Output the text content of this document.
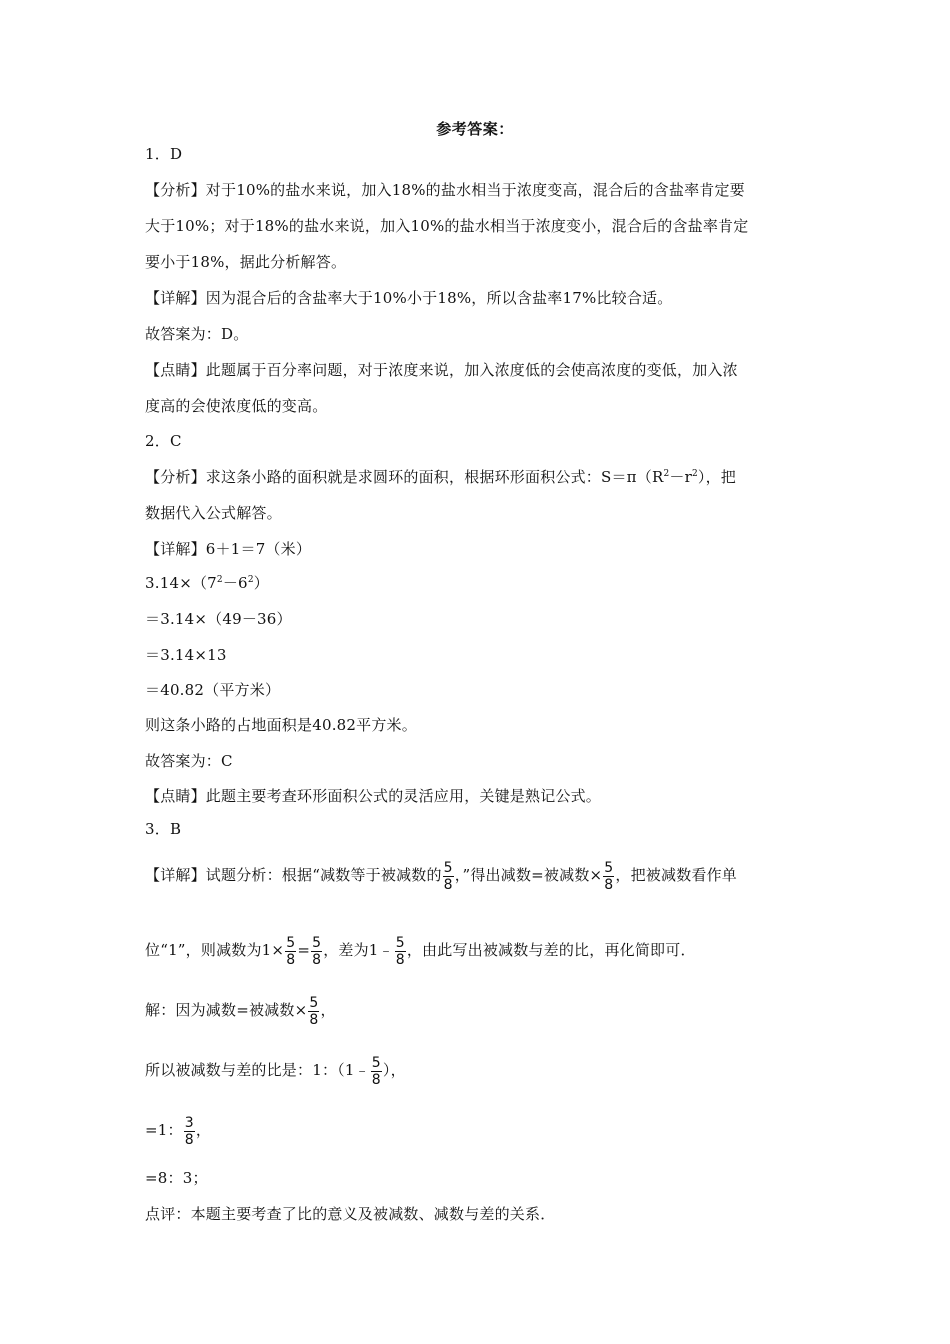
参考答案：
1．D
【分析】对于10%的盐水来说，加入18%的盐水相当于浓度变高，混合后的含盐率肯定要
大于10%；对于18%的盐水来说，加入10%的盐水相当于浓度变小，混合后的含盐率肯定
要小于18%，据此分析解答。
【详解】因为混合后的含盐率大于10%小于18%，所以含盐率17%比较合适。
故答案为：D。
【点睛】此题属于百分率问题，对于浓度来说，加入浓度低的会使高浓度的变低，加入浓
度高的会使浓度低的变高。
2．C
【分析】求这条小路的面积就是求圆环的面积，根据环形面积公式：$S=\pi(R^2-r^2)$，把
数据代入公式解答。
【详解】6＋1＝7（米）
$3.14\times(7^2-6^2)$
＝3.14×（49－36）
＝3.14×13
＝40.82（平方米）
则这条小路的占地面积是40.82平方米。
故答案为：C
【点睛】此题主要考查环形面积公式的灵活应用，关键是熟记公式。
3．B
【详解】试题分析：根据“减数等于被减数的 $\frac{5}{8}$ ，”得出减数=被减数× $\frac{5}{8}$ ，把被减数看作单
位“1”，则减数为$1\times \frac{5}{8} = \frac{5}{8}$ ，差为1﹣ $\frac{5}{8}$ ，由此写出被减数与差的比，再化简即可．
解：因为减数=被减数× $\frac{5}{8}$ ，
所以被减数与差的比是：1：（1﹣ $\frac{5}{8}$ ），
=1： $\frac{3}{8}$ ，
=8：3；
点评：本题主要考查了比的意义及被减数、减数与差的关系．
